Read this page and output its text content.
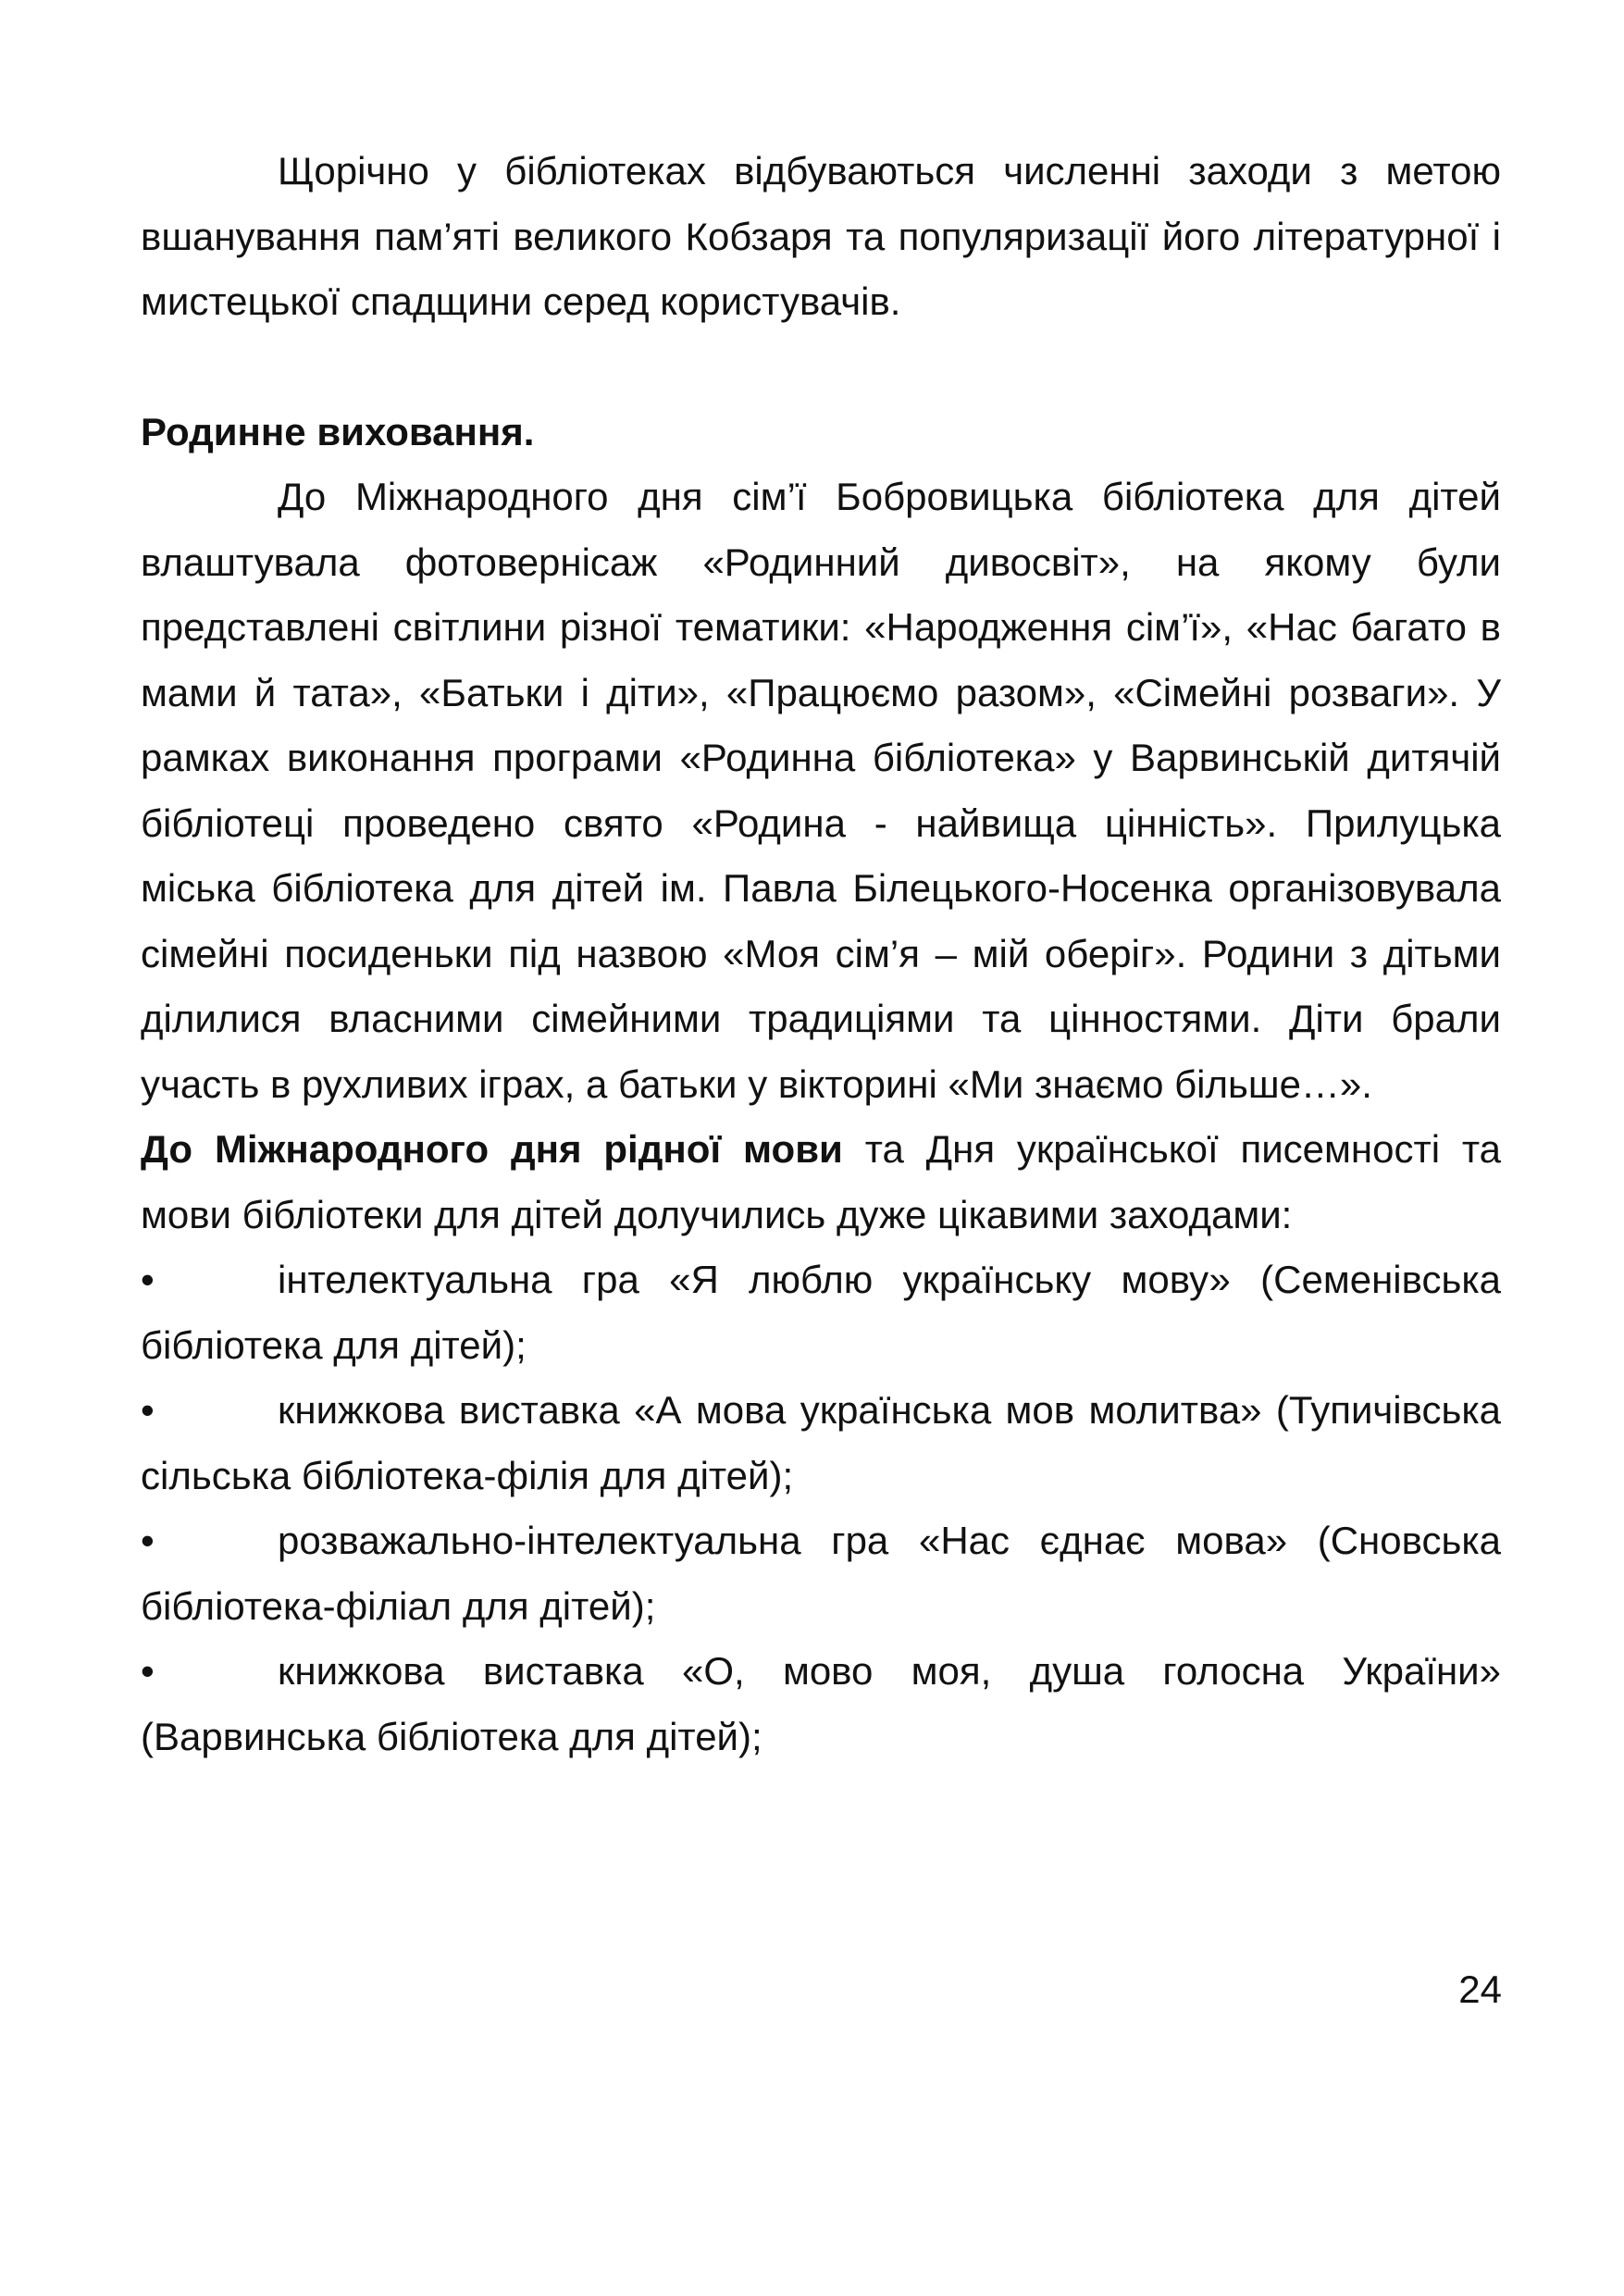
Щорічно у бібліотеках відбуваються численні заходи з метою вшанування пам’яті великого Кобзаря та популяризації його літературної і мистецької спадщини серед користувачів.

Родинне виховання.

До Міжнародного дня сім’ї Бобровицька бібліотека для дітей влаштувала фотовернісаж «Родинний дивосвіт», на якому були представлені світлини різної тематики: «Народження сім’ї», «Нас багато в мами й тата», «Батьки і діти», «Працюємо разом», «Сімейні розваги». У рамках виконання програми «Родинна бібліотека» у Варвинській дитячій бібліотеці проведено свято «Родина - найвища цінність». Прилуцька міська бібліотека для дітей ім. Павла Білецького-Носенка організовувала сімейні посиденьки під назвою «Моя сім’я – мій оберіг». Родини з дітьми ділилися власними сімейними традиціями та цінностями. Діти брали участь в рухливих іграх, а батьки у вікторині «Ми знаємо більше…».

До Міжнародного дня рідної мови та Дня української писемності та мови бібліотеки для дітей долучились дуже цікавими заходами:

•	інтелектуальна гра «Я люблю українську мову» (Семенівська бібліотека для дітей);

•	книжкова виставка «А мова українська мов молитва» (Тупичівська сільська бібліотека-філія для дітей);

•	розважально-інтелектуальна гра «Нас єднає мова» (Сновська бібліотека-філіал для дітей);

•	книжкова виставка «О, мово моя, душа голосна України» (Варвинська бібліотека для дітей);

24
